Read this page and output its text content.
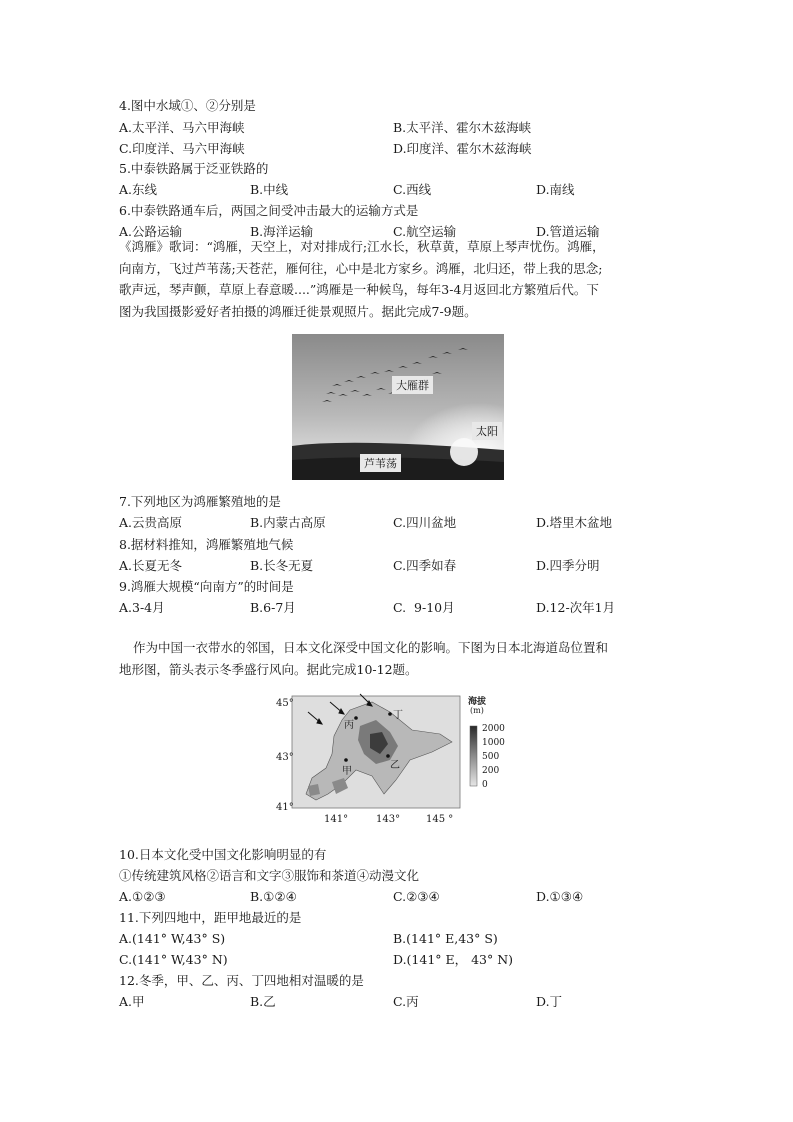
4.图中水域①、②分别是
A.太平洋、马六甲海峡	B.太平洋、霍尔木兹海峡
C.印度洋、马六甲海峡	D.印度洋、霍尔木兹海峡
5.中泰铁路属于泛亚铁路的
A.东线	B.中线	C.西线	D.南线
6.中泰铁路通车后，两国之间受冲击最大的运输方式是
A.公路运输	B.海洋运输	C.航空运输	D.管道运输
《鸿雁》歌词：“鸿雁，天空上，对对排成行;江水长，秋草黄，草原上琴声忧伤。鸿雁，
向南方，飞过芦苇荡;天苍茫，雁何往，心中是北方家乡。鸿雁，北归还，带上我的思念;
歌声远，琴声颤，草原上春意暖....”鸿雁是一种候鸟，每年3-4月返回北方繁殖后代。下
图为我国摄影爱好者拍摄的鸿雁迁徙景观照片。据此完成7-9题。
大雁群
太阳
芦苇荡
7.下列地区为鸿雁繁殖地的是
A.云贵高原	B.内蒙古高原	C.四川盆地	D.塔里木盆地
8.据材料推知，鸿雁繁殖地气候
A.长夏无冬	B.长冬无夏	C.四季如春	D.四季分明
9.鸿雁大规模“向南方”的时间是
A.3-4月	B.6-7月	C.  9-10月	D.12-次年1月
作为中国一衣带水的邻国，日本文化深受中国文化的影响。下图为日本北海道岛位置和
地形图，箭头表示冬季盛行风向。据此完成10-12题。
海拔
(m)
2000
1000
500
200
0
45°
43°
41°
141°	143°	145 °
丙
丁
甲
乙
10.日本文化受中国文化影响明显的有
①传统建筑风格②语言和文字③服饰和茶道④动漫文化
A.①②③	B.①②④	C.②③④	D.①③④
11.下列四地中，距甲地最近的是
A.(141° W,43° S)	B.(141° E,43° S)
C.(141° W,43° N)	D.(141° E， 43° N)
12.冬季，甲、乙、丙、丁四地相对温暖的是
A.甲	B.乙	C.丙	D.丁
